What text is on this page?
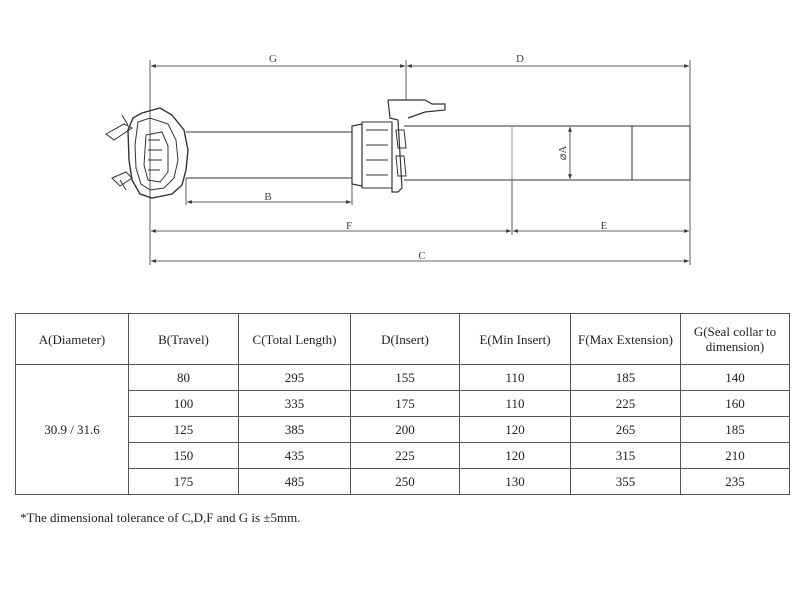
G	D
B
F	E
C
⌀A
A(Diameter)	B(Travel)	C(Total Length)	D(Insert)	E(Min Insert)	F(Max Extension)	G(Seal collar to dimension)
30.9 / 31.6	80	295	155	110	185	140
	100	335	175	110	225	160
	125	385	200	120	265	185
	150	435	225	120	315	210
	175	485	250	130	355	235
*The dimensional tolerance of C,D,F and G is ±5mm.
